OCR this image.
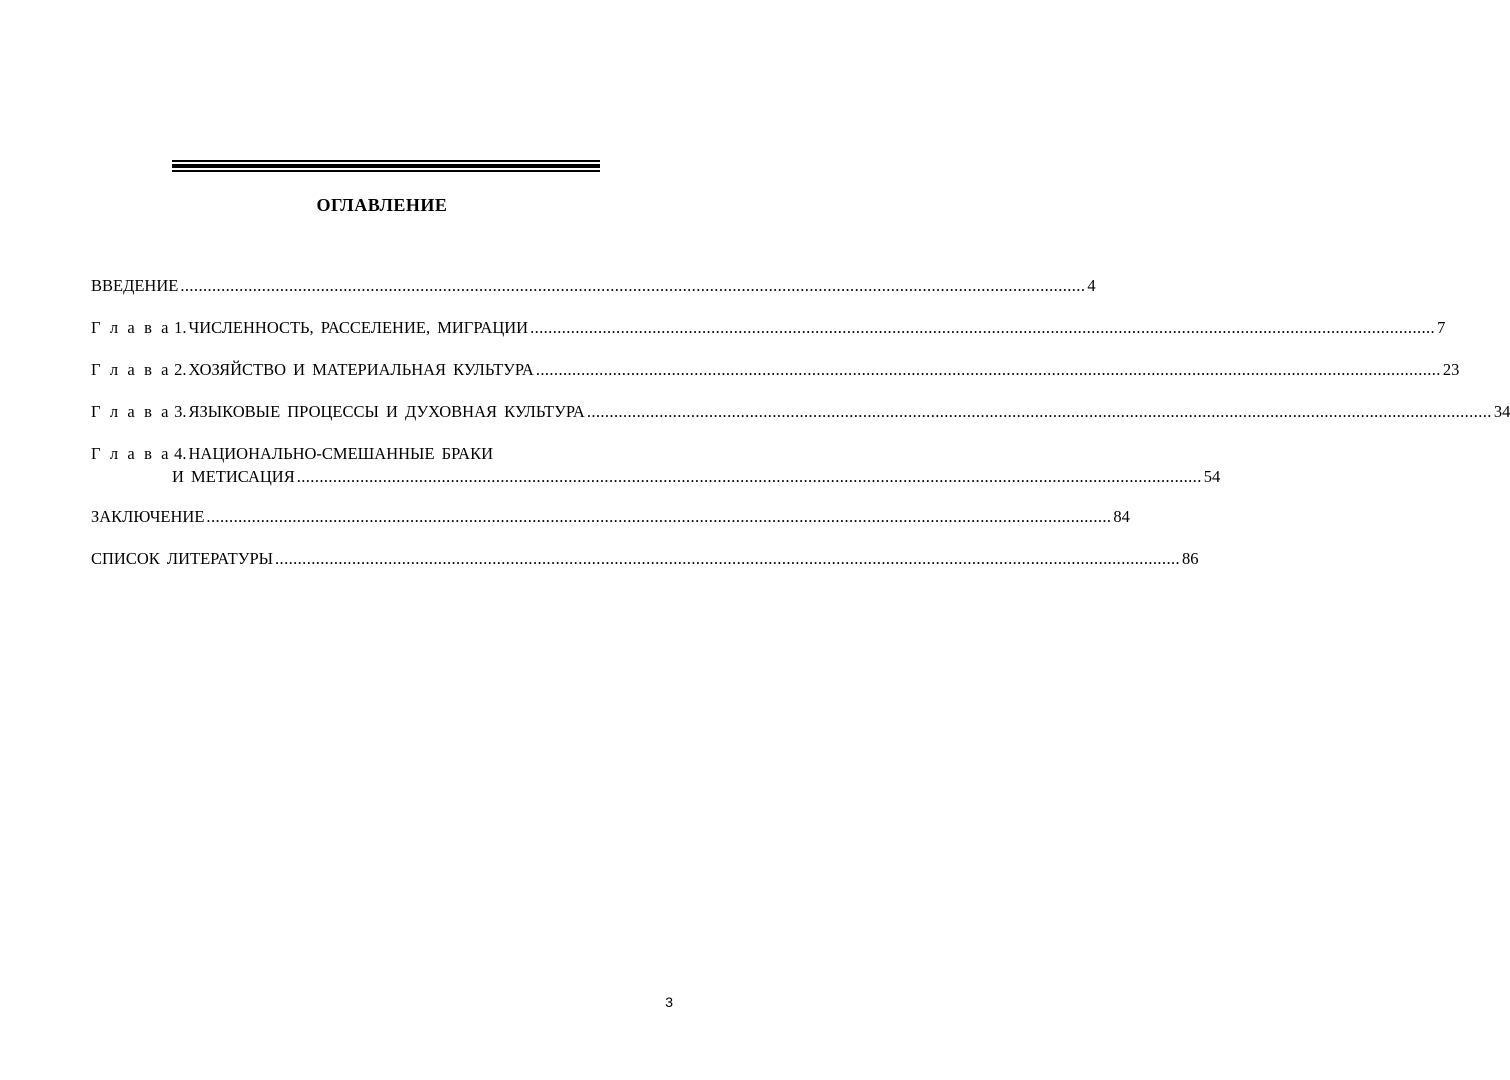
ОГЛАВЛЕНИЕ
ВВЕДЕНИЕ ........................................................................................................................................................................................................ 4
Г л а в а 1. ЧИСЛЕННОСТЬ, РАССЕЛЕНИЕ, МИГРАЦИИ ........................................................................................................................................................................................................ 7
Г л а в а 2. ХОЗЯЙСТВО И МАТЕРИАЛЬНАЯ КУЛЬТУРА ........................................................................................................................................................................................................ 23
Г л а в а 3. ЯЗЫКОВЫЕ ПРОЦЕССЫ И ДУХОВНАЯ КУЛЬТУРА ........................................................................................................................................................................................................ 34
Г л а в а 4. НАЦИОНАЛЬНО-СМЕШАННЫЕ БРАКИ
И МЕТИСАЦИЯ ........................................................................................................................................................................................................ 54
ЗАКЛЮЧЕНИЕ ........................................................................................................................................................................................................ 84
СПИСОК ЛИТЕРАТУРЫ ........................................................................................................................................................................................................ 86
3
